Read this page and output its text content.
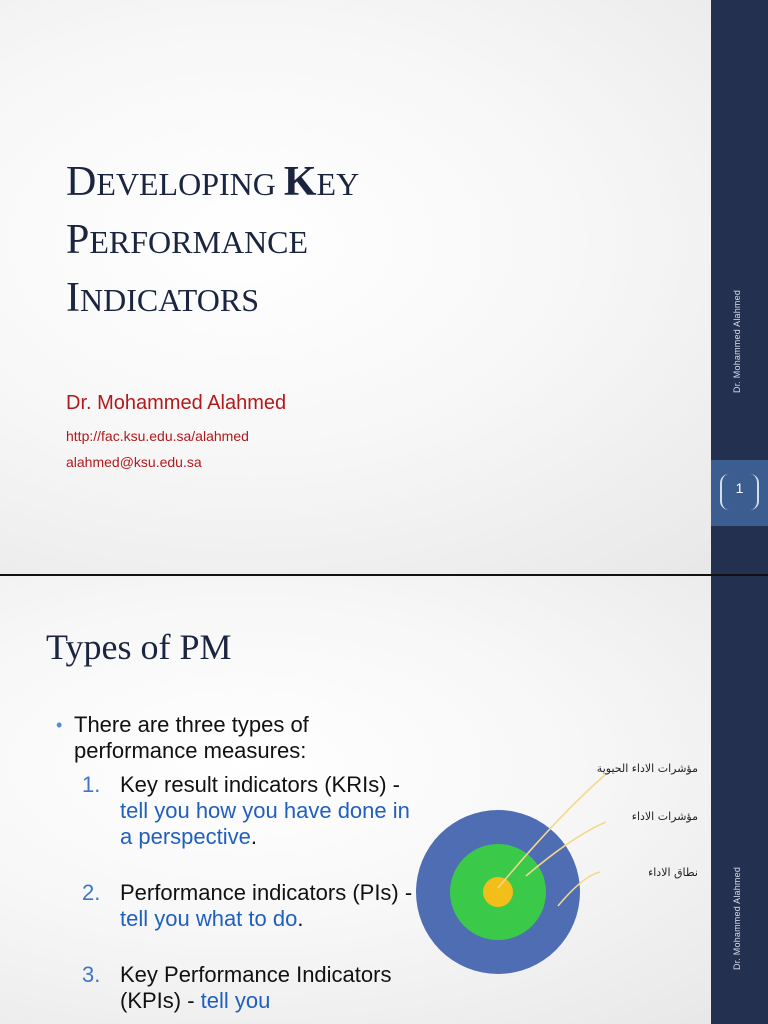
Dr. Mohammed Alahmed
1
DEVELOPING KEY
PERFORMANCE
INDICATORS
Dr. Mohammed Alahmed
http://fac.ksu.edu.sa/alahmed
alahmed@ksu.edu.sa
Dr. Mohammed Alahmed
Types of PM
• There are three types of performance measures:
1. Key result indicators (KRIs) - tell you how you have done in a perspective.
2. Performance indicators (PIs) - tell you what to do.
3. Key Performance Indicators (KPIs) - tell you
مؤشرات الاداء الحيوية
مؤشرات الاداء
نطاق الاداء
